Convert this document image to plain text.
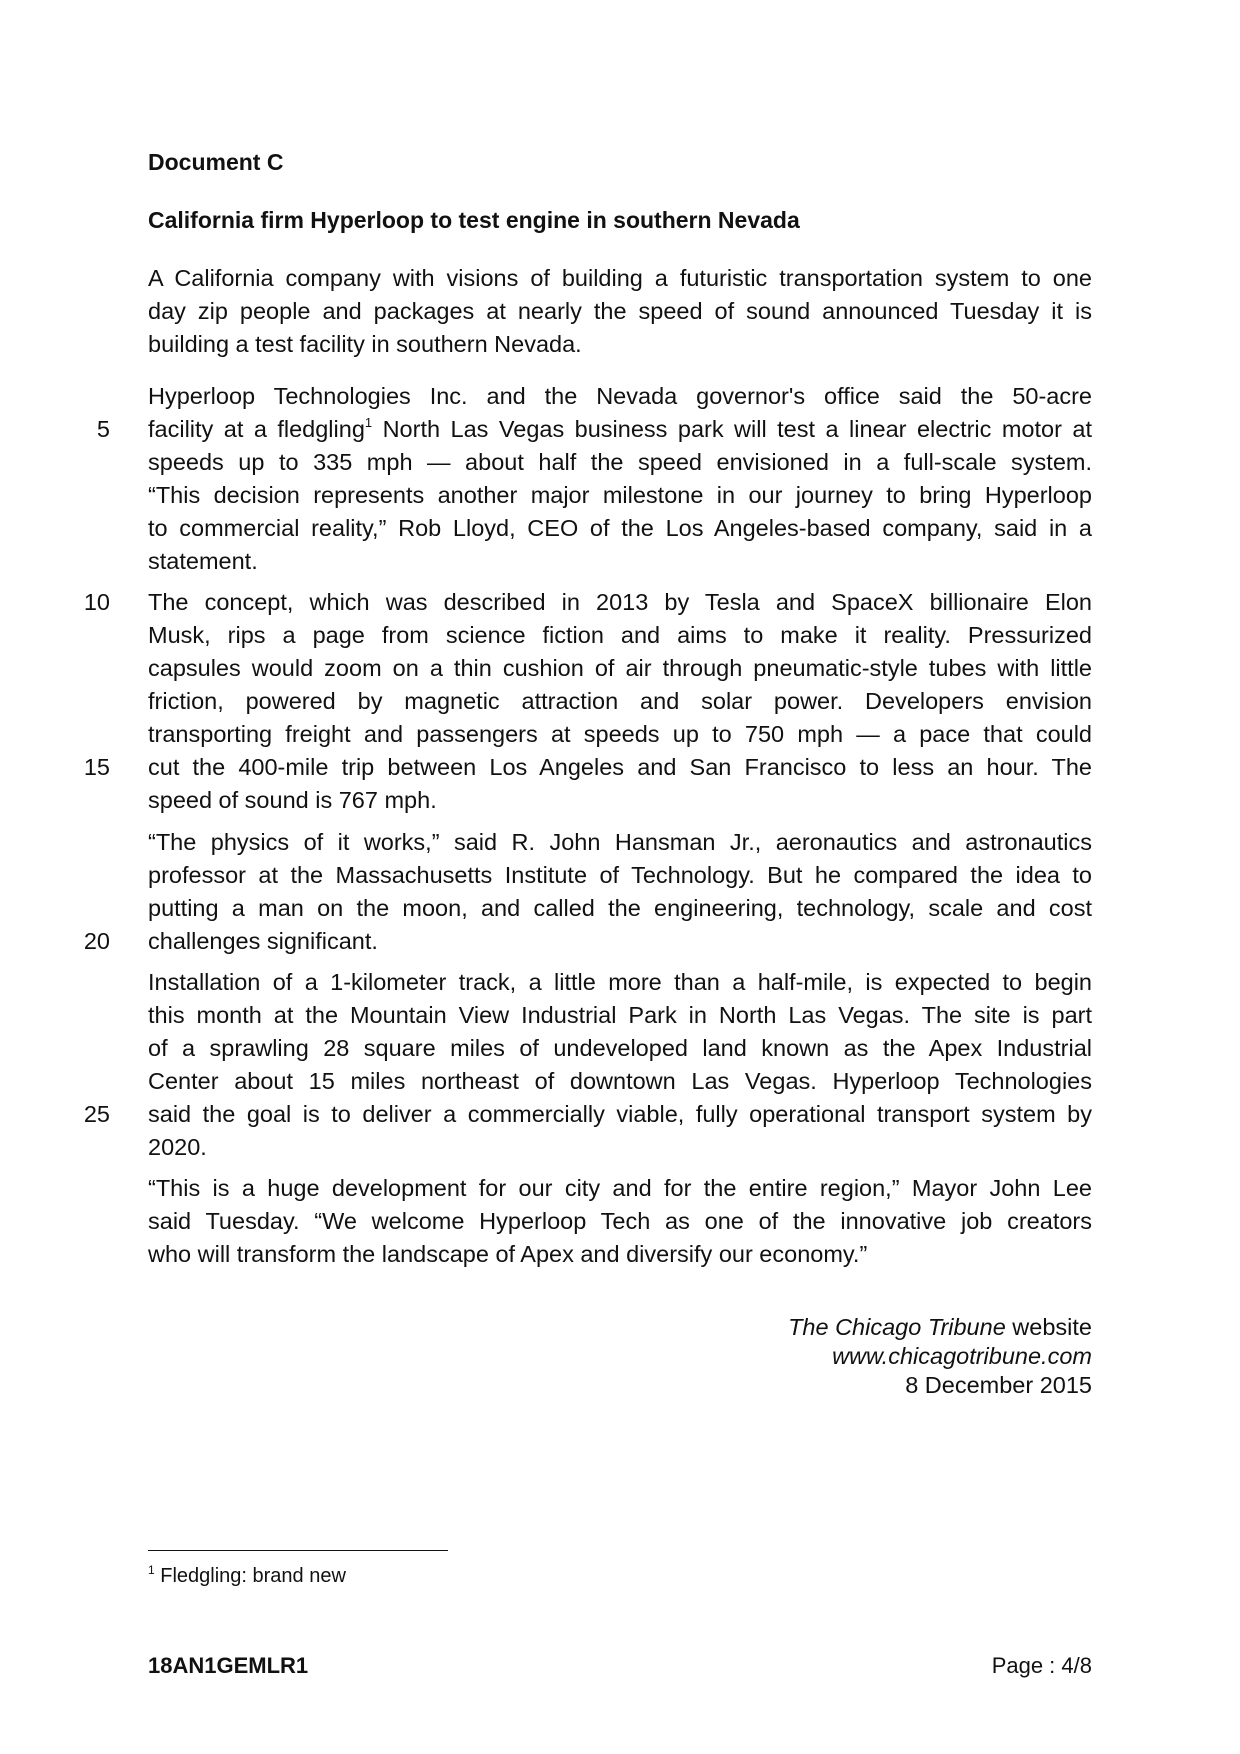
Document C
California firm Hyperloop to test engine in southern Nevada
A California company with visions of building a futuristic transportation system to one
day zip people and packages at nearly the speed of sound announced Tuesday it is
building a test facility in southern Nevada.
Hyperloop Technologies Inc. and the Nevada governor's office said the 50-acre
facility at a fledgling$^1$ North Las Vegas business park will test a linear electric motor at
speeds up to 335 mph — about half the speed envisioned in a full-scale system.
“This decision represents another major milestone in our journey to bring Hyperloop
to commercial reality,” Rob Lloyd, CEO of the Los Angeles-based company, said in a
statement.
The concept, which was described in 2013 by Tesla and SpaceX billionaire Elon
Musk, rips a page from science fiction and aims to make it reality. Pressurized
capsules would zoom on a thin cushion of air through pneumatic-style tubes with little
friction, powered by magnetic attraction and solar power. Developers envision
transporting freight and passengers at speeds up to 750 mph — a pace that could
cut the 400-mile trip between Los Angeles and San Francisco to less an hour. The
speed of sound is 767 mph.
“The physics of it works,” said R. John Hansman Jr., aeronautics and astronautics
professor at the Massachusetts Institute of Technology. But he compared the idea to
putting a man on the moon, and called the engineering, technology, scale and cost
challenges significant.
Installation of a 1-kilometer track, a little more than a half-mile, is expected to begin
this month at the Mountain View Industrial Park in North Las Vegas. The site is part
of a sprawling 28 square miles of undeveloped land known as the Apex Industrial
Center about 15 miles northeast of downtown Las Vegas. Hyperloop Technologies
said the goal is to deliver a commercially viable, fully operational transport system by
2020.
“This is a huge development for our city and for the entire region,” Mayor John Lee
said Tuesday. “We welcome Hyperloop Tech as one of the innovative job creators
who will transform the landscape of Apex and diversify our economy.”
5
10
15
20
25
The Chicago Tribune website
www.chicagotribune.com
8 December 2015
$^1$ Fledgling: brand new
18AN1GEMLR1	Page : 4/8
